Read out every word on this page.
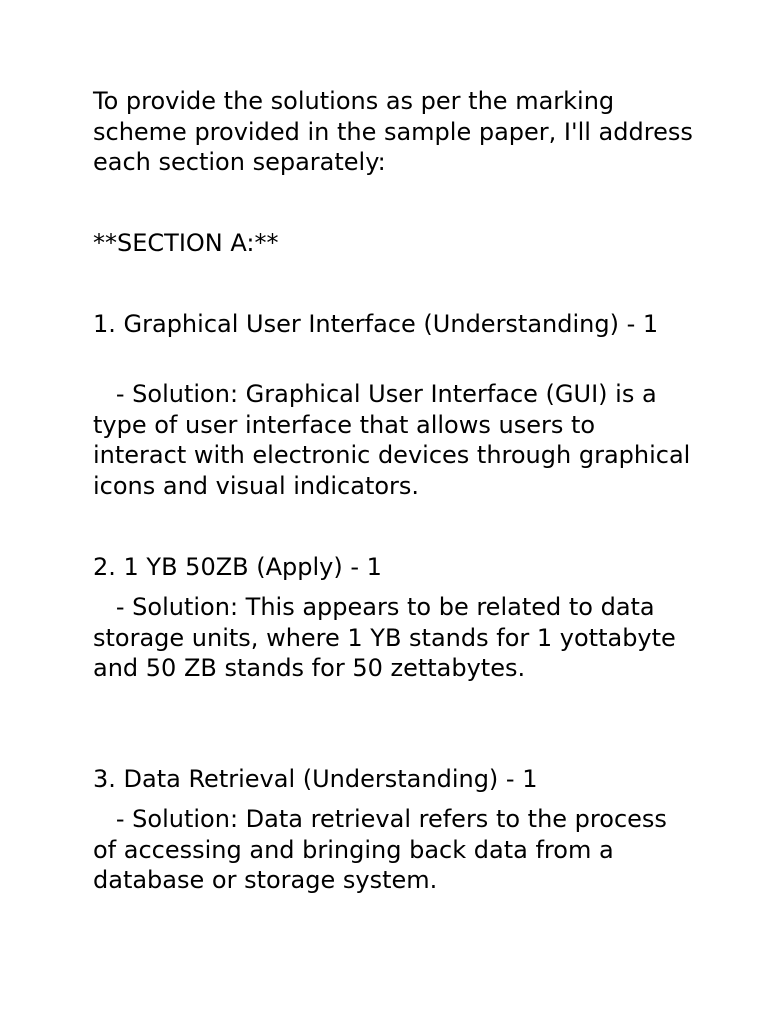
To provide the solutions as per the marking scheme provided in the sample paper, I'll address each section separately:

**SECTION A:**

1. Graphical User Interface (Understanding) - 1

- Solution: Graphical User Interface (GUI) is a type of user interface that allows users to interact with electronic devices through graphical icons and visual indicators.

2. 1 YB 50ZB (Apply) - 1

- Solution: This appears to be related to data storage units, where 1 YB stands for 1 yottabyte and 50 ZB stands for 50 zettabytes.

3. Data Retrieval (Understanding) - 1

- Solution: Data retrieval refers to the process of accessing and bringing back data from a database or storage system.
